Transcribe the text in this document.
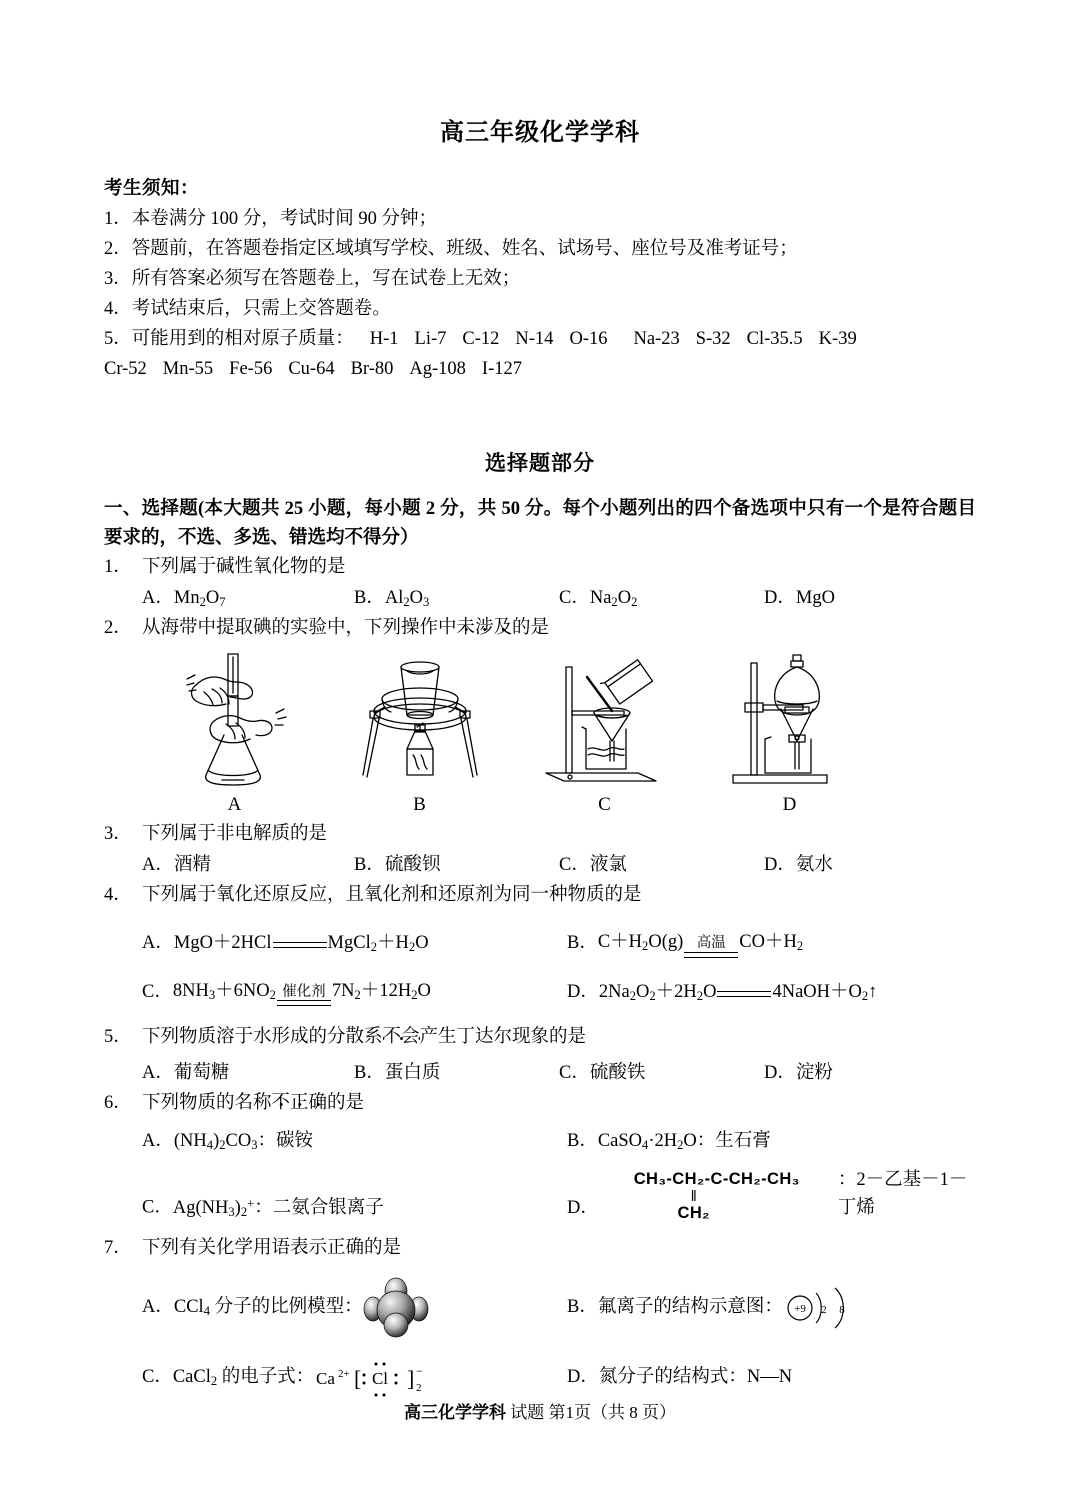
高三年级化学学科
考生须知：
1．本卷满分 100 分，考试时间 90 分钟；
2．答题前，在答题卷指定区域填写学校、班级、姓名、试场号、座位号及准考证号；
3．所有答案必须写在答题卷上，写在试卷上无效；
4．考试结束后，只需上交答题卷。
5．可能用到的相对原子质量： H-1 Li-7 C-12 N-14 O-16 Na-23 S-32 Cl-35.5 K-39
Cr-52 Mn-55 Fe-56 Cu-64 Br-80 Ag-108 I-127
选择题部分
一、选择题(本大题共 25 小题，每小题 2 分，共 50 分。每个小题列出的四个备选项中只有一个是符合题目要求的，不选、多选、错选均不得分）
1． 下列属于碱性氧化物的是
A．$Mn_2O_7$	B．$Al_2O_3$	C．$Na_2O_2$	D．MgO
2． 从海带中提取碘的实验中，下列操作中未涉及的是
A	B	C	D
3． 下列属于非电解质的是
A．酒精	B．硫酸钡	C．液氯	D．氨水
4． 下列属于氧化还原反应，且氧化剂和还原剂为同一种物质的是
A． MgO＋2HCl	$MgCl_2+H_2O$	B． $C+H_2O(g)$ 高温 $CO+H_2$
C． $8NH_3+6NO_2$ 催化剂 $7N_2+12H_2O$	D． $2Na_2O_2+2H_2O$	$4NaOH+O_2↑$
5． 下列物质溶于水形成的分散系不会产生丁达尔现象的是
A．葡萄糖	B．蛋白质	C．硫酸铁	D．淀粉
6． 下列物质的名称不正确的是
A．$(NH_4)_2CO_3$：碳铵	B．$CaSO_4\cdot 2H_2O$：生石膏
C．$Ag(NH_3)_2^+$：二氨合银离子	D．
CH₃-CH₂-C-CH₂-CH₃
‖
CH₂
：2－乙基－1－丁烯
7． 下列有关化学用语表示正确的是
A． CCl$_4$ 分子的比例模型：	B． 氟离子的结构示意图： +9 2 8
C． CaCl$_2$ 的电子式： Ca 2+ [ Cl ] 2
−	D．氮分子的结构式：N—N
高三化学学科 试题 第1页（共 8 页）
